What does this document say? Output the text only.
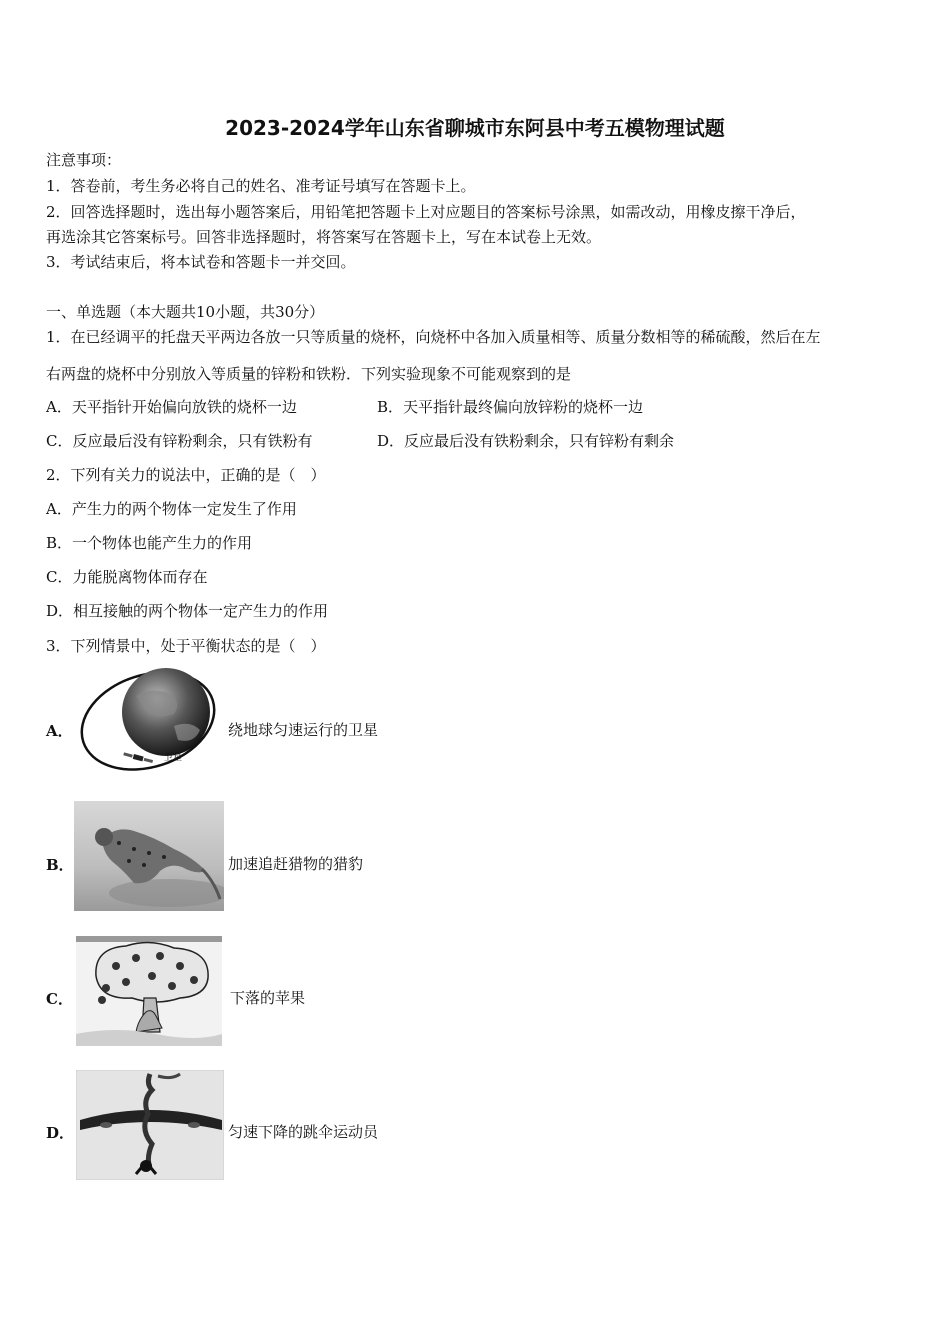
2023-2024学年山东省聊城市东阿县中考五模物理试题
注意事项：
1．答卷前，考生务必将自己的姓名、准考证号填写在答题卡上。
2．回答选择题时，选出每小题答案后，用铅笔把答题卡上对应题目的答案标号涂黑，如需改动，用橡皮擦干净后，
再选涂其它答案标号。回答非选择题时，将答案写在答题卡上，写在本试卷上无效。
3．考试结束后，将本试卷和答题卡一并交回。
一、单选题（本大题共10小题，共30分）
1．在已经调平的托盘天平两边各放一只等质量的烧杯，向烧杯中各加入质量相等、质量分数相等的稀硫酸，然后在左
右两盘的烧杯中分别放入等质量的锌粉和铁粉．下列实验现象不可能观察到的是
A．天平指针开始偏向放铁的烧杯一边	B．天平指针最终偏向放锌粉的烧杯一边
C．反应最后没有锌粉剩余，只有铁粉有	D．反应最后没有铁粉剩余，只有锌粉有剩余
2．下列有关力的说法中，正确的是（　）
A．产生力的两个物体一定发生了作用
B．一个物体也能产生力的作用
C．力能脱离物体而存在
D．相互接触的两个物体一定产生力的作用
3．下列情景中，处于平衡状态的是（　）
A．
卫星
绕地球匀速运行的卫星
B．	加速追赶猎物的猎豹
C．	下落的苹果
D．	匀速下降的跳伞运动员
